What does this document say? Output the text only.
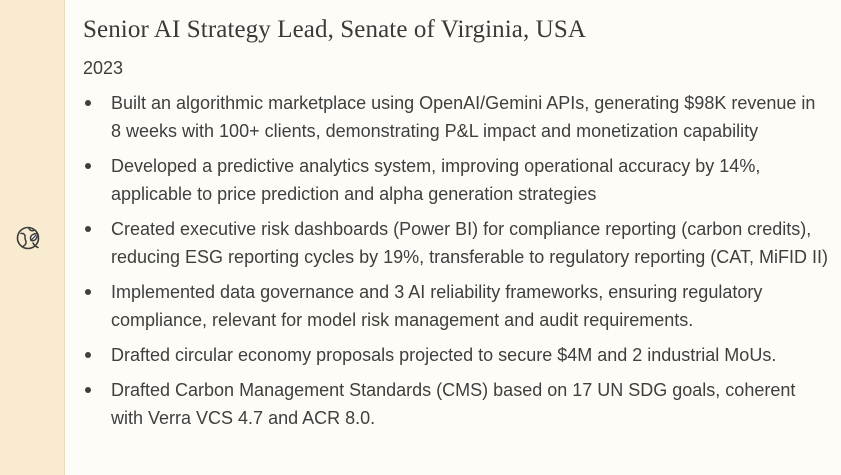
Senior AI Strategy Lead, Senate of Virginia, USA
2023
Built an algorithmic marketplace using OpenAI/Gemini APIs, generating $98K revenue in 8 weeks with 100+ clients, demonstrating P&L impact and monetization capability
Developed a predictive analytics system, improving operational accuracy by 14%, applicable to price prediction and alpha generation strategies
Created executive risk dashboards (Power BI) for compliance reporting (carbon credits), reducing ESG reporting cycles by 19%, transferable to regulatory reporting (CAT, MiFID II)
Implemented data governance and 3 AI reliability frameworks, ensuring regulatory compliance, relevant for model risk management and audit requirements.
Drafted circular economy proposals projected to secure $4M and 2 industrial MoUs.
Drafted Carbon Management Standards (CMS) based on 17 UN SDG goals, coherent with Verra VCS 4.7 and ACR 8.0.
